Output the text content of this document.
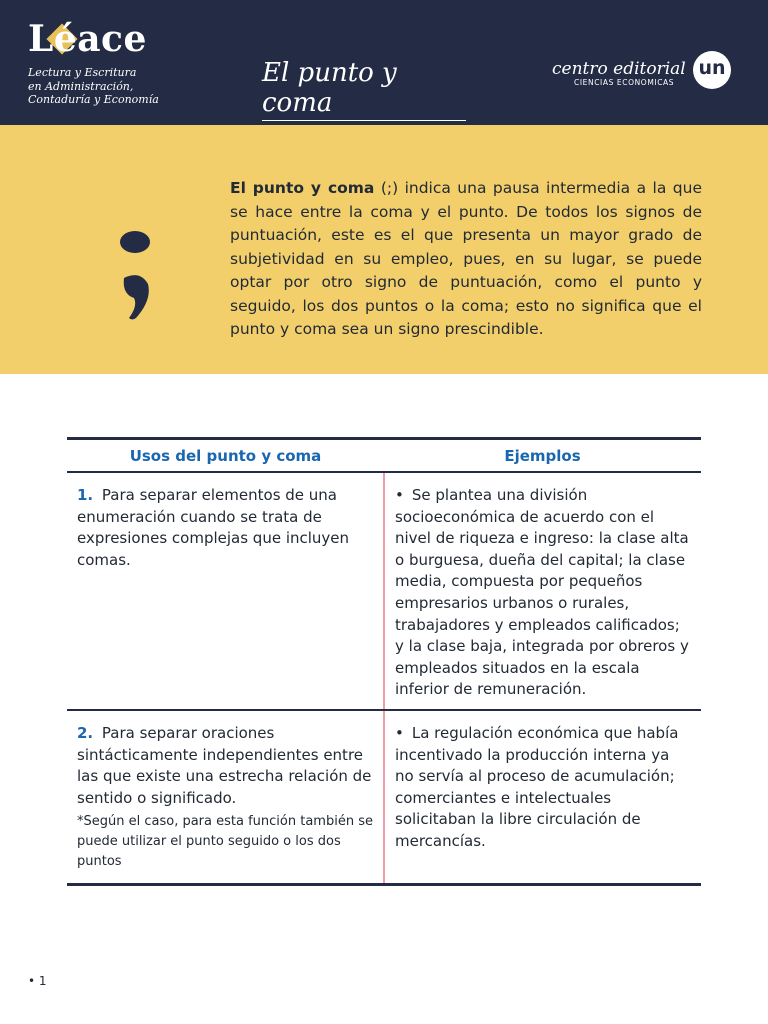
Léace
Lectura y Escritura
en Administración,
Contaduría y Economía
El punto y coma
centro editorial
CIENCIAS ECONOMICAS
un
El punto y coma (;) indica una pausa intermedia a la que se hace entre la coma y el punto. De todos los signos de puntuación, este es el que presenta un mayor grado de subjetividad en su empleo, pues, en su lugar, se puede optar por otro signo de puntuación, como el punto y seguido, los dos puntos o la coma; esto no significa que el punto y coma sea un signo prescindible.
Usos del punto y coma	Ejemplos
1. Para separar elementos de una enumeración cuando se trata de expresiones complejas que incluyen comas.	• Se plantea una división socioeconómica de acuerdo con el nivel de riqueza e ingreso: la clase alta o burguesa, dueña del capital; la clase media, compuesta por pequeños empresarios urbanos o rurales, trabajadores y empleados calificados; y la clase baja, integrada por obreros y empleados situados en la escala inferior de remuneración.
2. Para separar oraciones sintácticamente independientes entre las que existe una estrecha relación de sentido o significado.
*Según el caso, para esta función también se puede utilizar el punto seguido o los dos puntos	• La regulación económica que había incentivado la producción interna ya no servía al proceso de acumulación; comerciantes e intelectuales solicitaban la libre circulación de mercancías.
• 1
